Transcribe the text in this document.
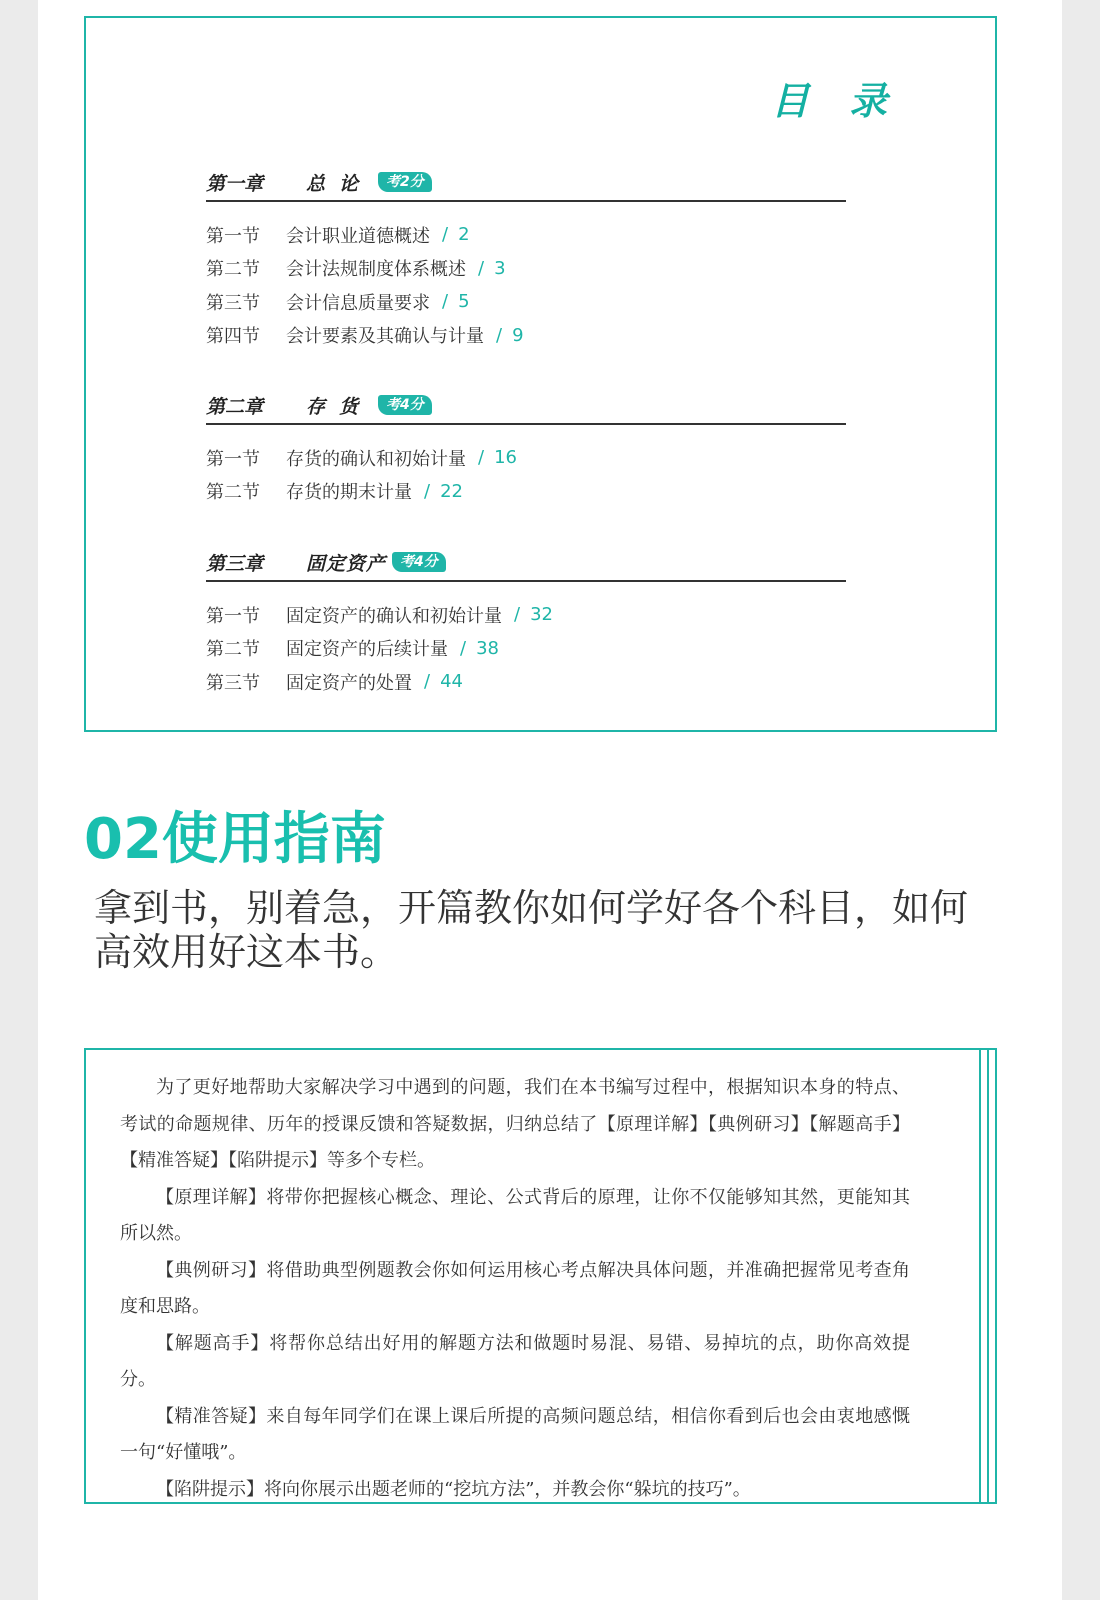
目录
第一章	总论	考2分
第一节	会计职业道德概述 / 2
第二节	会计法规制度体系概述 / 3
第三节	会计信息质量要求 / 5
第四节	会计要素及其确认与计量 / 9
第二章	存货	考4分
第一节	存货的确认和初始计量 / 16
第二节	存货的期末计量 / 22
第三章	固定资产	考4分
第一节	固定资产的确认和初始计量 / 32
第二节	固定资产的后续计量 / 38
第三节	固定资产的处置 / 44
02使用指南
拿到书，别着急，开篇教你如何学好各个科目，如何高效用好这本书。

为了更好地帮助大家解决学习中遇到的问题，我们在本书编写过程中，根据知识本身的特点、考试的命题规律、历年的授课反馈和答疑数据，归纳总结了【原理详解】【典例研习】【解题高手】【精准答疑】【陷阱提示】等多个专栏。

【原理详解】将带你把握核心概念、理论、公式背后的原理，让你不仅能够知其然，更能知其所以然。

【典例研习】将借助典型例题教会你如何运用核心考点解决具体问题，并准确把握常见考查角度和思路。

【解题高手】将帮你总结出好用的解题方法和做题时易混、易错、易掉坑的点，助你高效提分。

【精准答疑】来自每年同学们在课上课后所提的高频问题总结，相信你看到后也会由衷地感慨一句“好懂哦”。

【陷阱提示】将向你展示出题老师的“挖坑方法”，并教会你“躲坑的技巧”。
